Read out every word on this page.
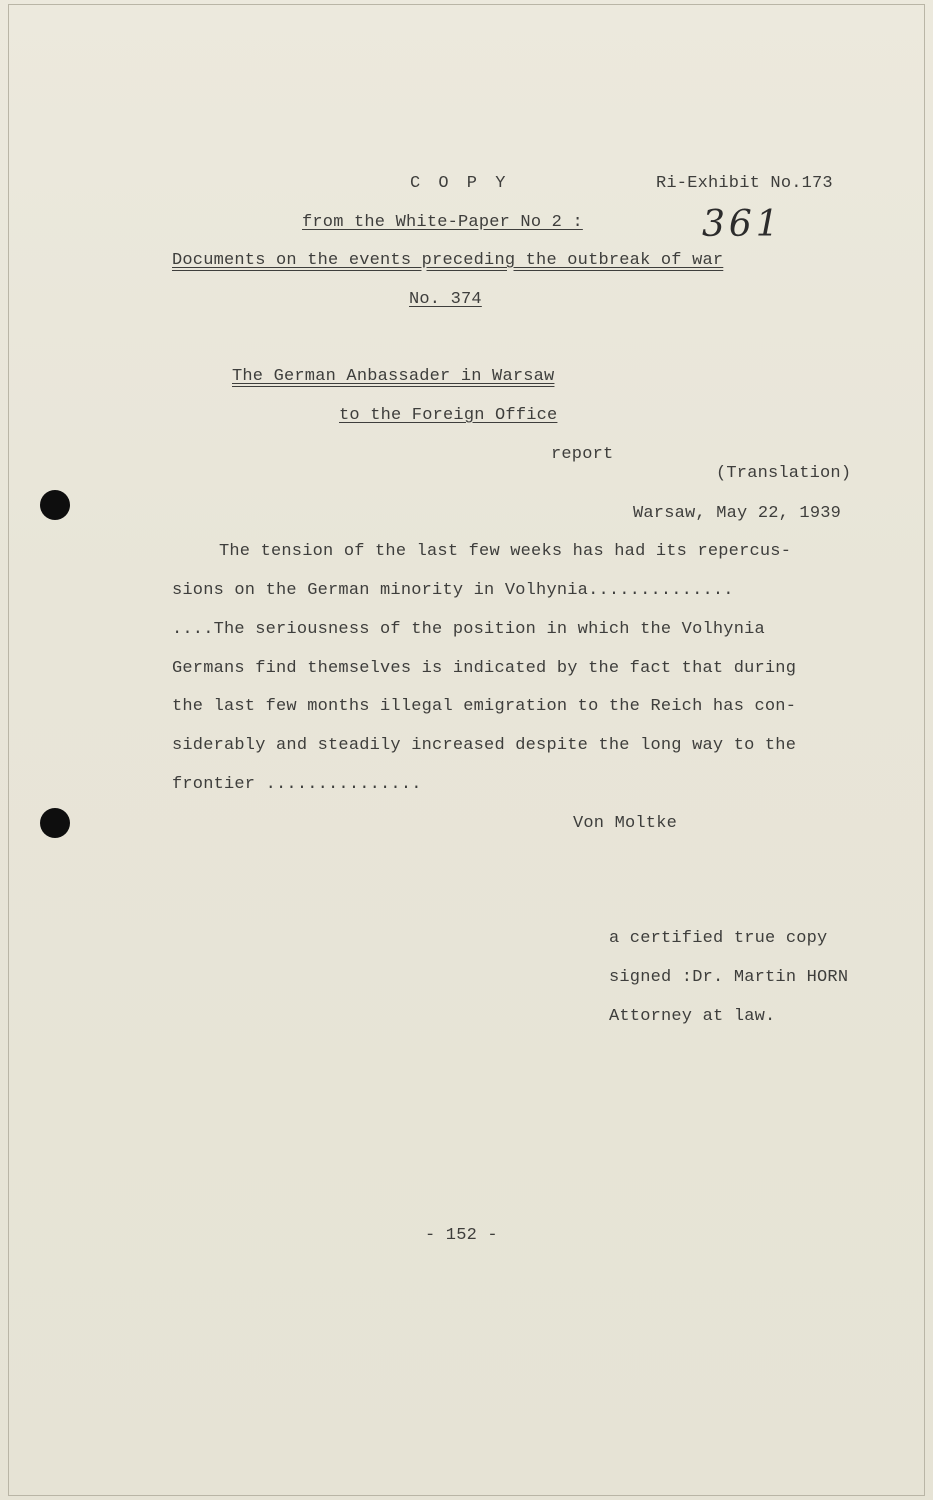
C O P Y	Ri-Exhibit No.173
361
from the White-Paper No 2 :
Documents on the events preceding the outbreak of war
No. 374
The German Anbassader in Warsaw
to the Foreign Office
report
(Translation)
Warsaw, May 22, 1939
The tension of the last few weeks has had its repercus-
sions on the German minority in Volhynia..............
....The seriousness of the position in which the Volhynia
Germans find themselves is indicated by the fact that during
the last few months illegal emigration to the Reich has con-
siderably and steadily increased despite the long way to the
frontier ...............
Von Moltke
a certified true copy
signed :Dr. Martin HORN
Attorney at law.
- 152 -
